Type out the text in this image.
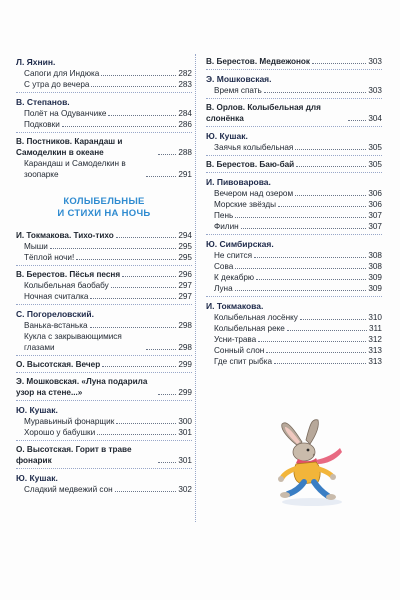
Л. Яхнин.
Сапоги для Индюка	282
С утра до вечера	283
В. Степанов.
Полёт на Одуванчике	284
Подковки	286
В. Постников. Карандаш и Самоделкин в океане	288
Карандаш и Самоделкин в зоопарке	291
КОЛЫБЕЛЬНЫЕ
И СТИХИ НА НОЧЬ
И. Токмакова. Тихо-тихо	294
Мыши	295
Тёплой ночи!	295
В. Берестов. Пёсья песня	296
Колыбельная баобабу	297
Ночная считалка	297
С. Погореловский.
Ванька-встанька	298
Кукла с закрывающимися глазами	298
О. Высотская. Вечер	299
Э. Мошковская. «Луна подарила узор на стене...»	299
Ю. Кушак.
Муравьиный фонарщик	300
Хорошо у бабушки	301
О. Высотская. Горит в траве фонарик	301
Ю. Кушак.
Сладкий медвежий сон	302
В. Берестов. Медвежонок	303
Э. Мошковская.
Время спать	303
В. Орлов. Колыбельная для слонёнка	304
Ю. Кушак.
Заячья колыбельная	305
В. Берестов. Баю-бай	305
И. Пивоварова.
Вечером над озером	306
Морские звёзды	306
Пень	307
Филин	307
Ю. Симбирская.
Не спится	308
Сова	308
К декабрю	309
Луна	309
И. Токмакова.
Колыбельная лосёнку	310
Колыбельная реке	311
Усни-трава	312
Сонный слон	313
Где спит рыбка	313
